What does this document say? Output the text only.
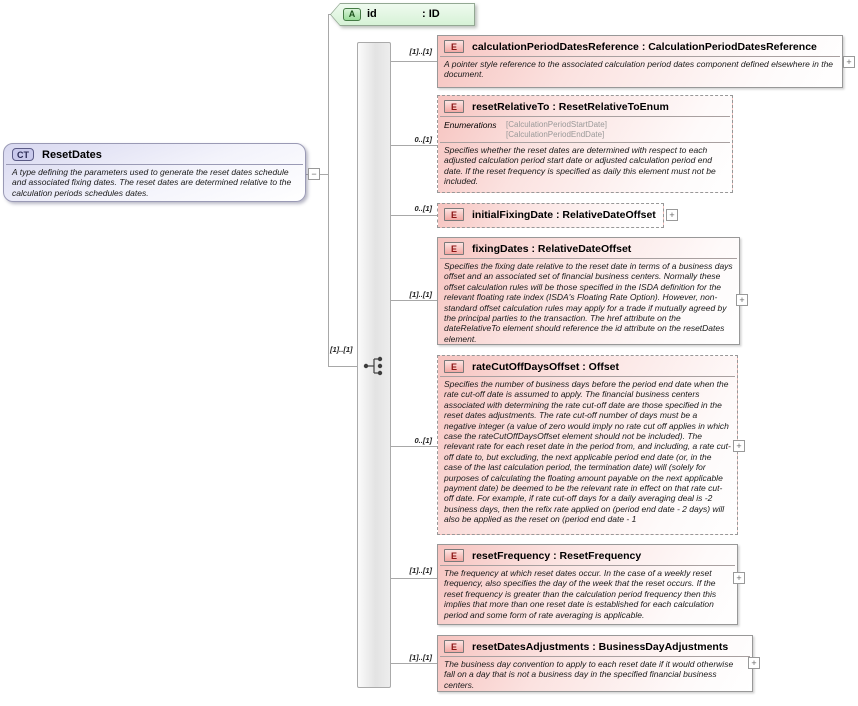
[1]..[1]
[1]..[1]
0..[1]
0..[1]
[1]..[1]
0..[1]
[1]..[1]
[1]..[1]
CT	ResetDates
A type defining the parameters used to generate the reset dates schedule and associated fixing dates. The reset dates are determined relative to the calculation periods schedules dates.
−
A	id	: ID
E	calculationPeriodDatesReference : CalculationPeriodDatesReference
A pointer style reference to the associated calculation period dates component defined elsewhere in the document.
+
E	resetRelativeTo : ResetRelativeToEnum
Enumerations	[CalculationPeriodStartDate]
[CalculationPeriodEndDate]
Specifies whether the reset dates are determined with respect to each adjusted calculation period start date or adjusted calculation period end date. If the reset frequency is specified as daily this element must not be included.
E	initialFixingDate : RelativeDateOffset	+
E	fixingDates : RelativeDateOffset
Specifies the fixing date relative to the reset date in terms of a business days offset and an associated set of financial business centers. Normally these offset calculation rules will be those specified in the ISDA definition for the relevant floating rate index (ISDA's Floating Rate Option). However, non-standard offset calculation rules may apply for a trade if mutually agreed by the principal parties to the transaction. The href attribute on the dateRelativeTo element should reference the id attribute on the resetDates element.
+
E	rateCutOffDaysOffset : Offset
Specifies the number of business days before the period end date when the rate cut-off date is assumed to apply. The financial business centers associated with determining the rate cut-off date are those specified in the reset dates adjustments. The rate cut-off number of days must be a negative integer (a value of zero would imply no rate cut off applies in which case the rateCutOffDaysOffset element should not be included). The relevant rate for each reset date in the period from, and including, a rate cut-off date to, but excluding, the next applicable period end date (or, in the case of the last calculation period, the termination date) will (solely for purposes of calculating the floating amount payable on the next applicable payment date) be deemed to be the relevant rate in effect on that rate cut-off date. For example, if rate cut-off days for a daily averaging deal is -2 business days, then the refix rate applied on (period end date - 2 days) will also be applied as the reset on (period end date - 1
+
E	resetFrequency : ResetFrequency
The frequency at which reset dates occur. In the case of a weekly reset frequency, also specifies the day of the week that the reset occurs. If the reset frequency is greater than the calculation period frequency then this implies that more than one reset date is established for each calculation period and some form of rate averaging is applicable.
+
E	resetDatesAdjustments : BusinessDayAdjustments
The business day convention to apply to each reset date if it would otherwise fall on a day that is not a business day in the specified financial business centers.
+
